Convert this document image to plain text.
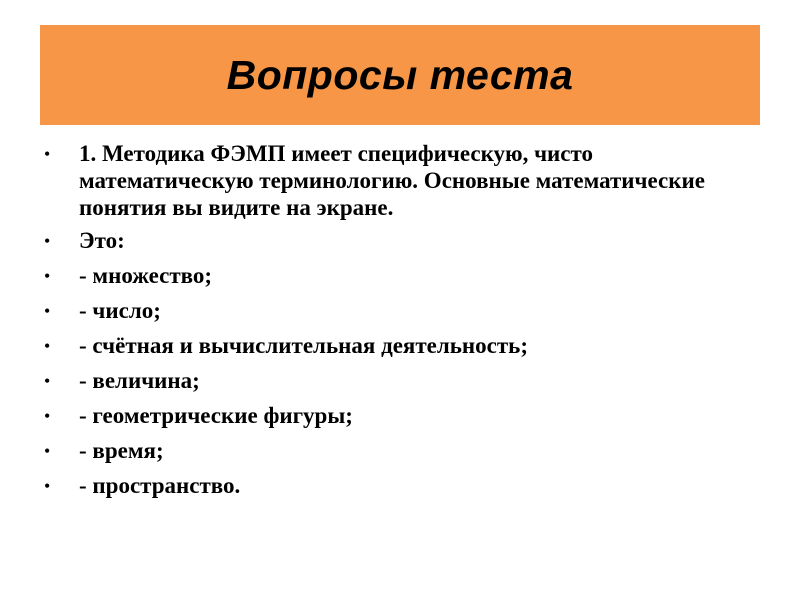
Вопросы теста
•	1. Методика ФЭМП имеет специфическую, чисто математическую терминологию. Основные математические понятия вы видите на экране.
•	Это:
•	- множество;
•	- число;
•	- счётная и вычислительная деятельность;
•	- величина;
•	- геометрические фигуры;
•	- время;
•	- пространство.
